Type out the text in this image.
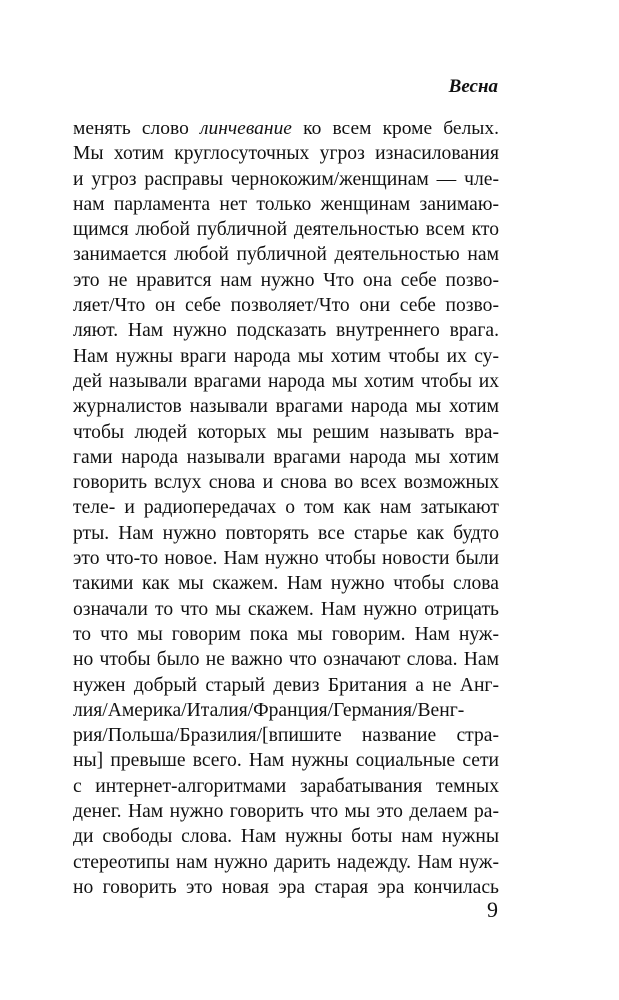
Весна
менять слово линчевание ко всем кроме белых.
Мы хотим круглосуточных угроз изнасилования
и угроз расправы чернокожим/женщинам — чле-
нам парламента нет только женщинам занимаю-
щимся любой публичной деятельностью всем кто
занимается любой публичной деятельностью нам
это не нравится нам нужно Что она себе позво-
ляет/Что он себе позволяет/Что они себе позво-
ляют. Нам нужно подсказать внутреннего врага.
Нам нужны враги народа мы хотим чтобы их су-
дей называли врагами народа мы хотим чтобы их
журналистов называли врагами народа мы хотим
чтобы людей которых мы решим называть вра-
гами народа называли врагами народа мы хотим
говорить вслух снова и снова во всех возможных
теле- и радиопередачах о том как нам затыкают
рты. Нам нужно повторять все старье как будто
это что-то новое. Нам нужно чтобы новости были
такими как мы скажем. Нам нужно чтобы слова
означали то что мы скажем. Нам нужно отрицать
то что мы говорим пока мы говорим. Нам нуж-
но чтобы было не важно что означают слова. Нам
нужен добрый старый девиз Британия а не Анг-
лия/Америка/Италия/Франция/Германия/Венг-
рия/Польша/Бразилия/[впишите название стра-
ны] превыше всего. Нам нужны социальные сети
с интернет-алгоритмами зарабатывания темных
денег. Нам нужно говорить что мы это делаем ра-
ди свободы слова. Нам нужны боты нам нужны
стереотипы нам нужно дарить надежду. Нам нуж-
но говорить это новая эра старая эра кончилась
9
